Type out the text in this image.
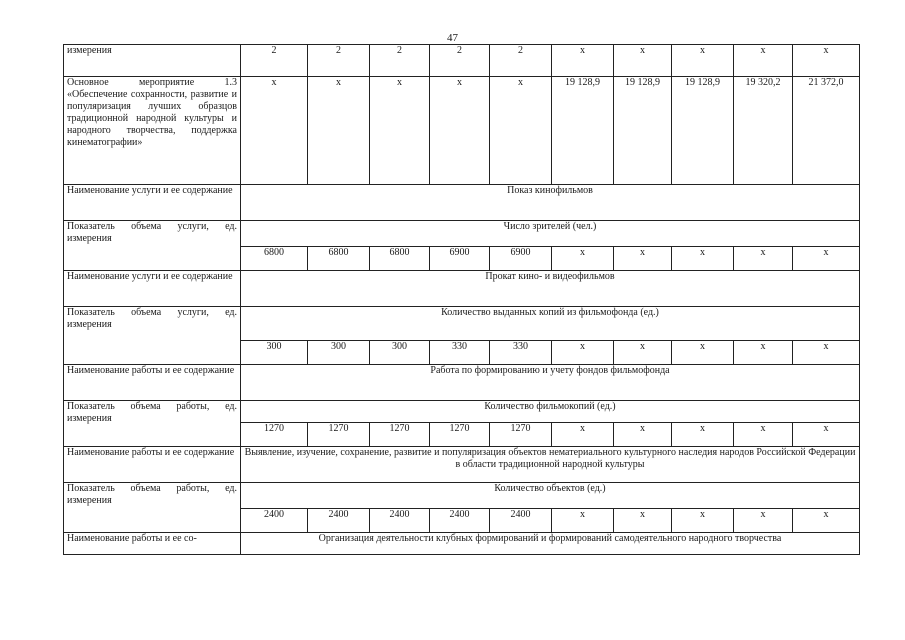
47
измерения	2	2	2	2	2	х	х	х	х	х
Основное мероприятие 1.3 «Обеспечение сохранности, развитие и популяризация лучших образцов традиционной народной культуры и народного творчества, поддержка кинематографии»	х	х	х	х	х	19 128,9	19 128,9	19 128,9	19 320,2	21 372,0
Наименование услуги и ее содержание	Показ кинофильмов									
Показатель объема услуги, ед. измерения	Число зрителей (чел.)									
	6800	6800	6800	6900	6900	х	х	х	х	х
Наименование услуги и ее содержание	Прокат кино- и видеофильмов									
Показатель объема услуги, ед. измерения	Количество выданных копий из фильмофонда (ед.)									
	300	300	300	330	330	х	х	х	х	х
Наименование работы и ее содержание	Работа по формированию и учету фондов фильмофонда									
Показатель объема работы, ед. измерения	Количество фильмокопий (ед.)									
	1270	1270	1270	1270	1270	х	х	х	х	х
Наименование работы и ее содержание	Выявление, изучение, сохранение, развитие и популяризация объектов нематериального культурного наследия народов Российской Федерации в области традиционной народной культуры									
Показатель объема работы, ед. измерения	Количество объектов (ед.)									
	2400	2400	2400	2400	2400	х	х	х	х	х
Наименование работы и ее со-	Организация деятельности клубных формирований и формирований самодеятельного народного творчества									
